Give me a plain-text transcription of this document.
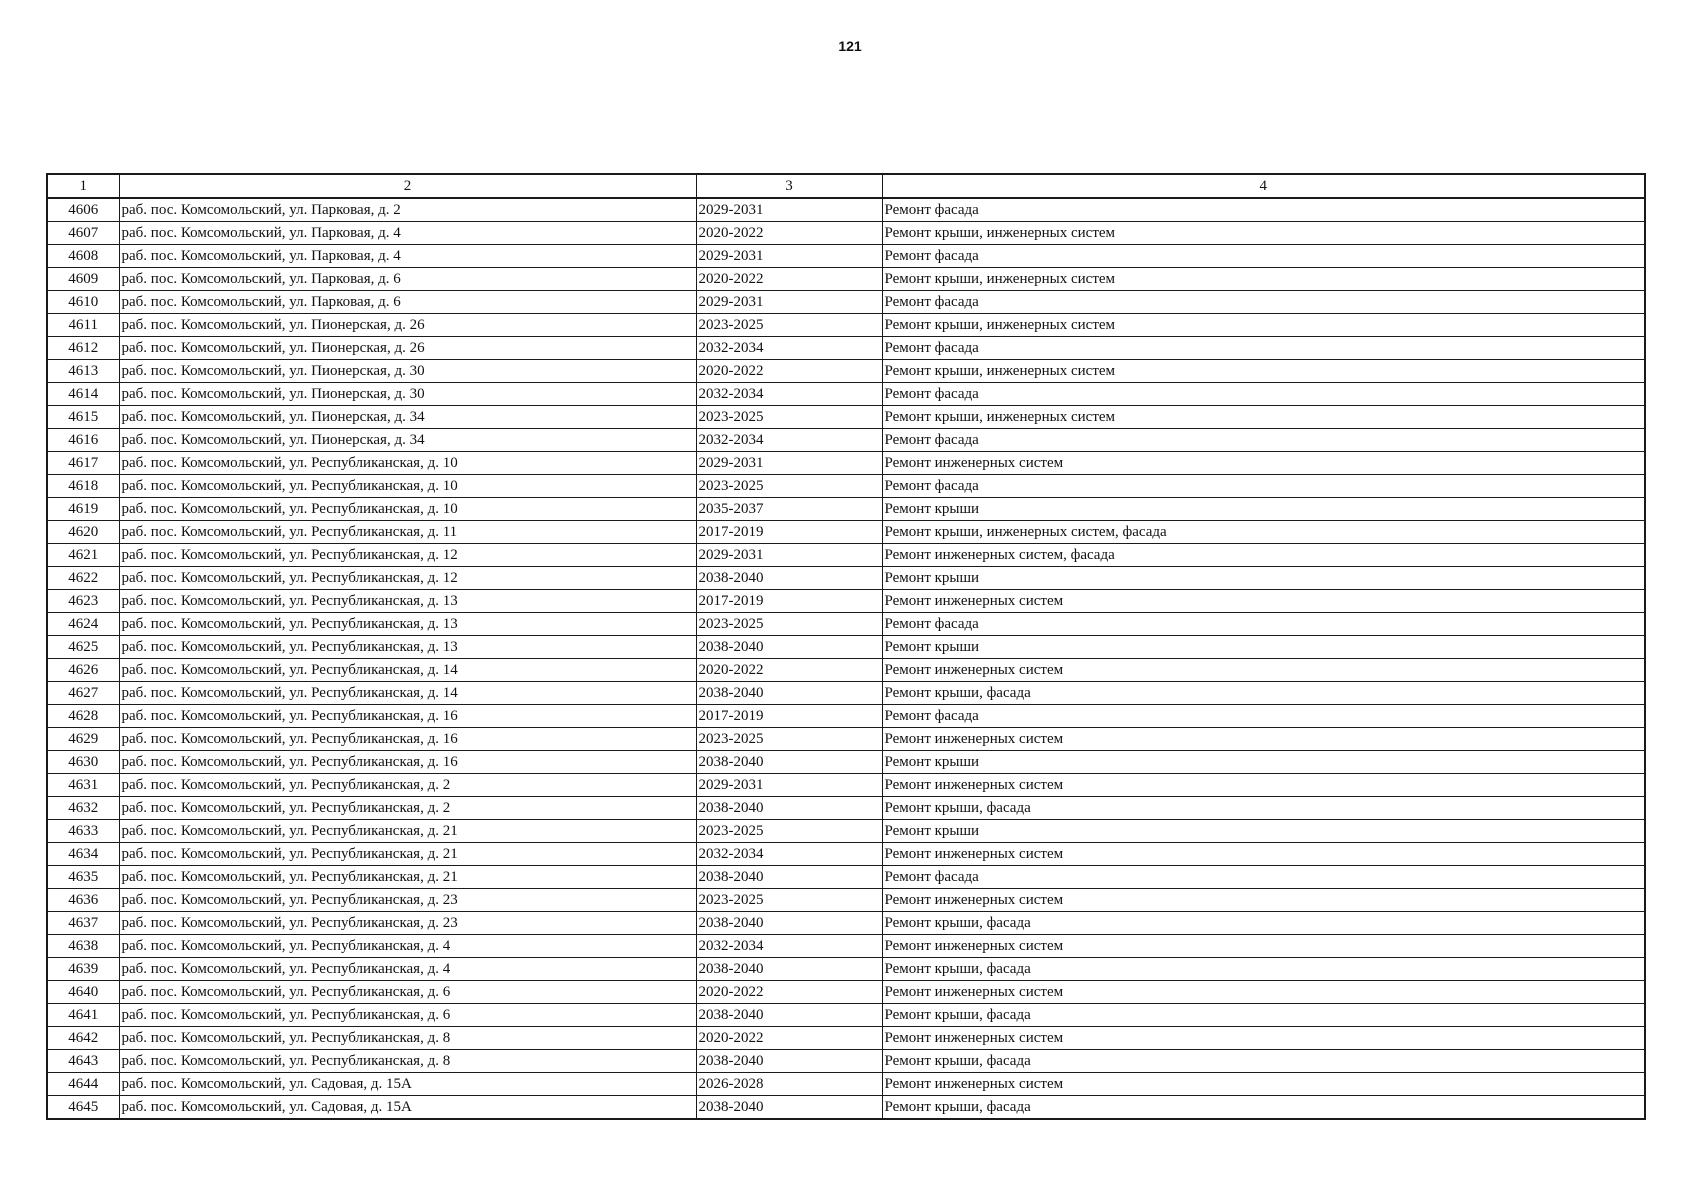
121
1	2	3	4
4606	раб. пос. Комсомольский, ул. Парковая, д. 2	2029-2031	Ремонт фасада
4607	раб. пос. Комсомольский, ул. Парковая, д. 4	2020-2022	Ремонт крыши, инженерных систем
4608	раб. пос. Комсомольский, ул. Парковая, д. 4	2029-2031	Ремонт фасада
4609	раб. пос. Комсомольский, ул. Парковая, д. 6	2020-2022	Ремонт крыши, инженерных систем
4610	раб. пос. Комсомольский, ул. Парковая, д. 6	2029-2031	Ремонт фасада
4611	раб. пос. Комсомольский, ул. Пионерская, д. 26	2023-2025	Ремонт крыши, инженерных систем
4612	раб. пос. Комсомольский, ул. Пионерская, д. 26	2032-2034	Ремонт фасада
4613	раб. пос. Комсомольский, ул. Пионерская, д. 30	2020-2022	Ремонт крыши, инженерных систем
4614	раб. пос. Комсомольский, ул. Пионерская, д. 30	2032-2034	Ремонт фасада
4615	раб. пос. Комсомольский, ул. Пионерская, д. 34	2023-2025	Ремонт крыши, инженерных систем
4616	раб. пос. Комсомольский, ул. Пионерская, д. 34	2032-2034	Ремонт фасада
4617	раб. пос. Комсомольский, ул. Республиканская, д. 10	2029-2031	Ремонт инженерных систем
4618	раб. пос. Комсомольский, ул. Республиканская, д. 10	2023-2025	Ремонт фасада
4619	раб. пос. Комсомольский, ул. Республиканская, д. 10	2035-2037	Ремонт крыши
4620	раб. пос. Комсомольский, ул. Республиканская, д. 11	2017-2019	Ремонт крыши, инженерных систем, фасада
4621	раб. пос. Комсомольский, ул. Республиканская, д. 12	2029-2031	Ремонт инженерных систем, фасада
4622	раб. пос. Комсомольский, ул. Республиканская, д. 12	2038-2040	Ремонт крыши
4623	раб. пос. Комсомольский, ул. Республиканская, д. 13	2017-2019	Ремонт инженерных систем
4624	раб. пос. Комсомольский, ул. Республиканская, д. 13	2023-2025	Ремонт фасада
4625	раб. пос. Комсомольский, ул. Республиканская, д. 13	2038-2040	Ремонт крыши
4626	раб. пос. Комсомольский, ул. Республиканская, д. 14	2020-2022	Ремонт инженерных систем
4627	раб. пос. Комсомольский, ул. Республиканская, д. 14	2038-2040	Ремонт крыши, фасада
4628	раб. пос. Комсомольский, ул. Республиканская, д. 16	2017-2019	Ремонт фасада
4629	раб. пос. Комсомольский, ул. Республиканская, д. 16	2023-2025	Ремонт инженерных систем
4630	раб. пос. Комсомольский, ул. Республиканская, д. 16	2038-2040	Ремонт крыши
4631	раб. пос. Комсомольский, ул. Республиканская, д. 2	2029-2031	Ремонт инженерных систем
4632	раб. пос. Комсомольский, ул. Республиканская, д. 2	2038-2040	Ремонт крыши, фасада
4633	раб. пос. Комсомольский, ул. Республиканская, д. 21	2023-2025	Ремонт крыши
4634	раб. пос. Комсомольский, ул. Республиканская, д. 21	2032-2034	Ремонт инженерных систем
4635	раб. пос. Комсомольский, ул. Республиканская, д. 21	2038-2040	Ремонт фасада
4636	раб. пос. Комсомольский, ул. Республиканская, д. 23	2023-2025	Ремонт инженерных систем
4637	раб. пос. Комсомольский, ул. Республиканская, д. 23	2038-2040	Ремонт крыши, фасада
4638	раб. пос. Комсомольский, ул. Республиканская, д. 4	2032-2034	Ремонт инженерных систем
4639	раб. пос. Комсомольский, ул. Республиканская, д. 4	2038-2040	Ремонт крыши, фасада
4640	раб. пос. Комсомольский, ул. Республиканская, д. 6	2020-2022	Ремонт инженерных систем
4641	раб. пос. Комсомольский, ул. Республиканская, д. 6	2038-2040	Ремонт крыши, фасада
4642	раб. пос. Комсомольский, ул. Республиканская, д. 8	2020-2022	Ремонт инженерных систем
4643	раб. пос. Комсомольский, ул. Республиканская, д. 8	2038-2040	Ремонт крыши, фасада
4644	раб. пос. Комсомольский, ул. Садовая, д. 15А	2026-2028	Ремонт инженерных систем
4645	раб. пос. Комсомольский, ул. Садовая, д. 15А	2038-2040	Ремонт крыши, фасада
